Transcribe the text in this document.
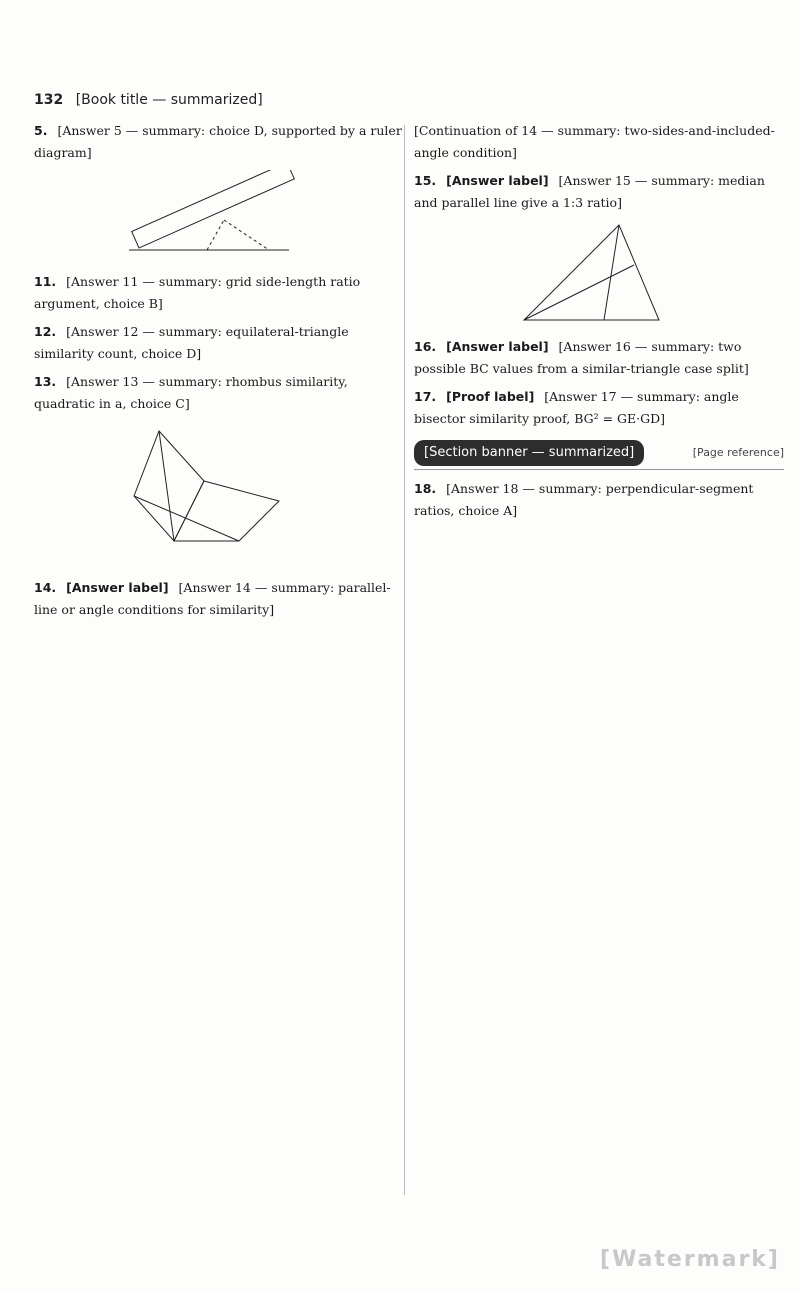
132 [Book title — summarized]
5. [Answer 5 — summary: choice D, supported by a ruler diagram]
11. [Answer 11 — summary: grid side-length ratio argument, choice B]
12. [Answer 12 — summary: equilateral-triangle similarity count, choice D]
13. [Answer 13 — summary: rhombus similarity, quadratic in a, choice C]
14. [Answer label] [Answer 14 — summary: parallel-line or angle conditions for similarity]
[Continuation of 14 — summary: two-sides-and-included-angle condition]
15. [Answer label] [Answer 15 — summary: median and parallel line give a 1:3 ratio]
16. [Answer label] [Answer 16 — summary: two possible BC values from a similar-triangle case split]
17. [Proof label] [Answer 17 — summary: angle bisector similarity proof, BG² = GE·GD]
[Section banner — summarized]	[Page reference]
18. [Answer 18 — summary: perpendicular-segment ratios, choice A]
[Watermark]
